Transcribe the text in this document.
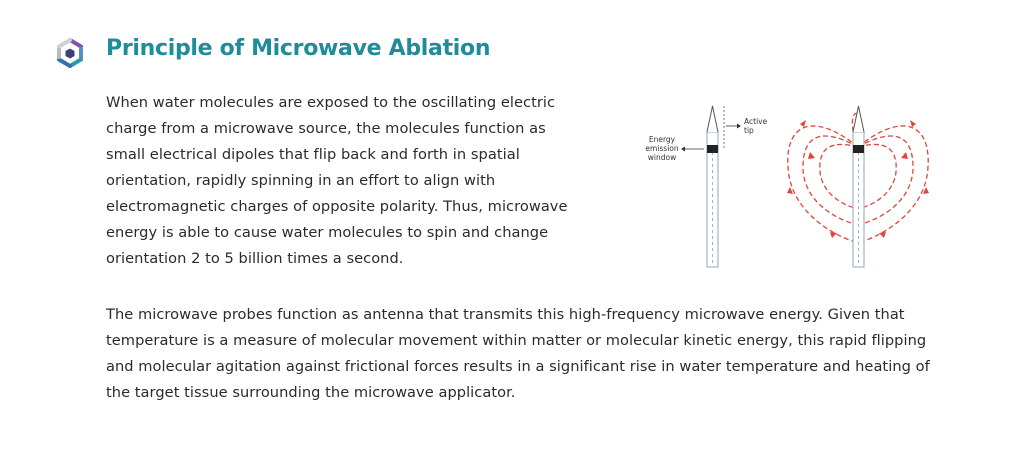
Principle of Microwave Ablation

When water molecules are exposed to the oscillating electric charge from a microwave source, the molecules function as small electrical dipoles that flip back and forth in spatial orientation, rapidly spinning in an effort to align with electromagnetic charges of opposite polarity. Thus, microwave energy is able to cause water molecules to spin and change orientation 2 to 5 billion times a second.

Active
tip
Energy
emission
window

The microwave probes function as antenna that transmits this high-frequency microwave energy. Given that temperature is a measure of molecular movement within matter or molecular kinetic energy, this rapid flipping and molecular agitation against frictional forces results in a significant rise in water temperature and heating of the target tissue surrounding the microwave applicator.
